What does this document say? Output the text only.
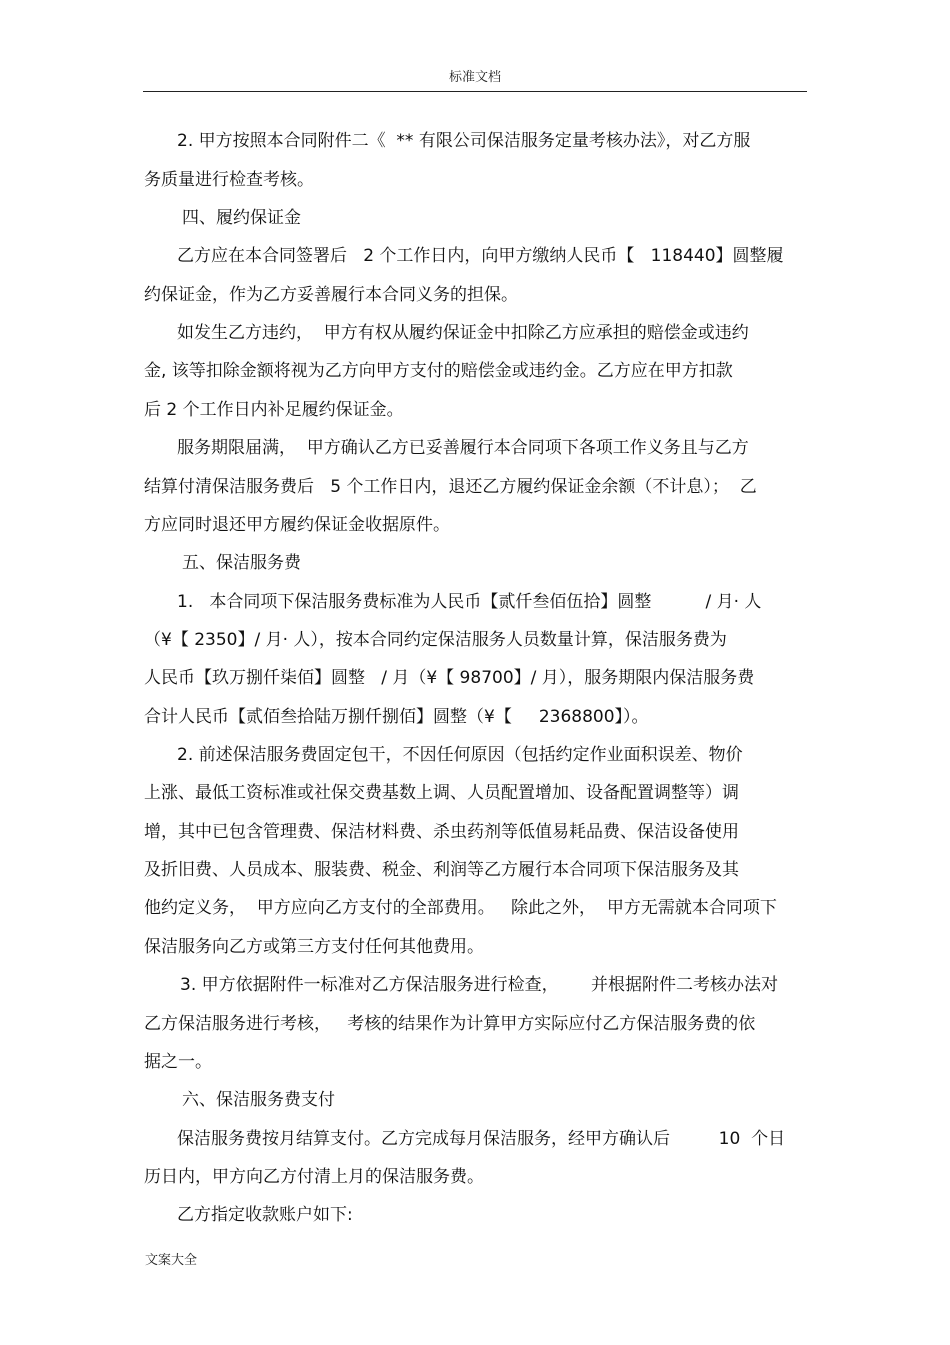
标准文档
2. 甲方按照本合同附件二《  ** 有限公司保洁服务定量考核办法》，对乙方服
务质量进行检查考核。
四、履约保证金
乙方应在本合同签署后   2 个工作日内，向甲方缴纳人民币【   118440】圆整履
约保证金，作为乙方妥善履行本合同义务的担保。
如发生乙方违约，  甲方有权从履约保证金中扣除乙方应承担的赔偿金或违约
金, 该等扣除金额将视为乙方向甲方支付的赔偿金或违约金。乙方应在甲方扣款
后 2 个工作日内补足履约保证金。
服务期限届满，  甲方确认乙方已妥善履行本合同项下各项工作义务且与乙方
结算付清保洁服务费后   5 个工作日内，退还乙方履约保证金余额（不计息）；  乙
方应同时退还甲方履约保证金收据原件。
五、保洁服务费
1.   本合同项下保洁服务费标准为人民币【贰仟叁佰伍拾】圆整          / 月· 人
（¥【 2350】/ 月· 人），按本合同约定保洁服务人员数量计算，保洁服务费为
人民币【玖万捌仟柒佰】圆整   / 月（¥【 98700】/ 月），服务期限内保洁服务费
合计人民币【贰佰叁拾陆万捌仟捌佰】圆整（¥【     2368800】）。
2. 前述保洁服务费固定包干，不因任何原因（包括约定作业面积误差、物价
上涨、最低工资标准或社保交费基数上调、人员配置增加、设备配置调整等）调
增，其中已包含管理费、保洁材料费、杀虫药剂等低值易耗品费、保洁设备使用
及折旧费、人员成本、服装费、税金、利润等乙方履行本合同项下保洁服务及其
他约定义务，  甲方应向乙方支付的全部费用。   除此之外，  甲方无需就本合同项下
保洁服务向乙方或第三方支付任何其他费用。
3. 甲方依据附件一标准对乙方保洁服务进行检查，      并根据附件二考核办法对
乙方保洁服务进行考核，   考核的结果作为计算甲方实际应付乙方保洁服务费的依
据之一。
六、保洁服务费支付
保洁服务费按月结算支付。乙方完成每月保洁服务，经甲方确认后         10  个日
历日内，甲方向乙方付清上月的保洁服务费。
乙方指定收款账户如下:
文案大全
